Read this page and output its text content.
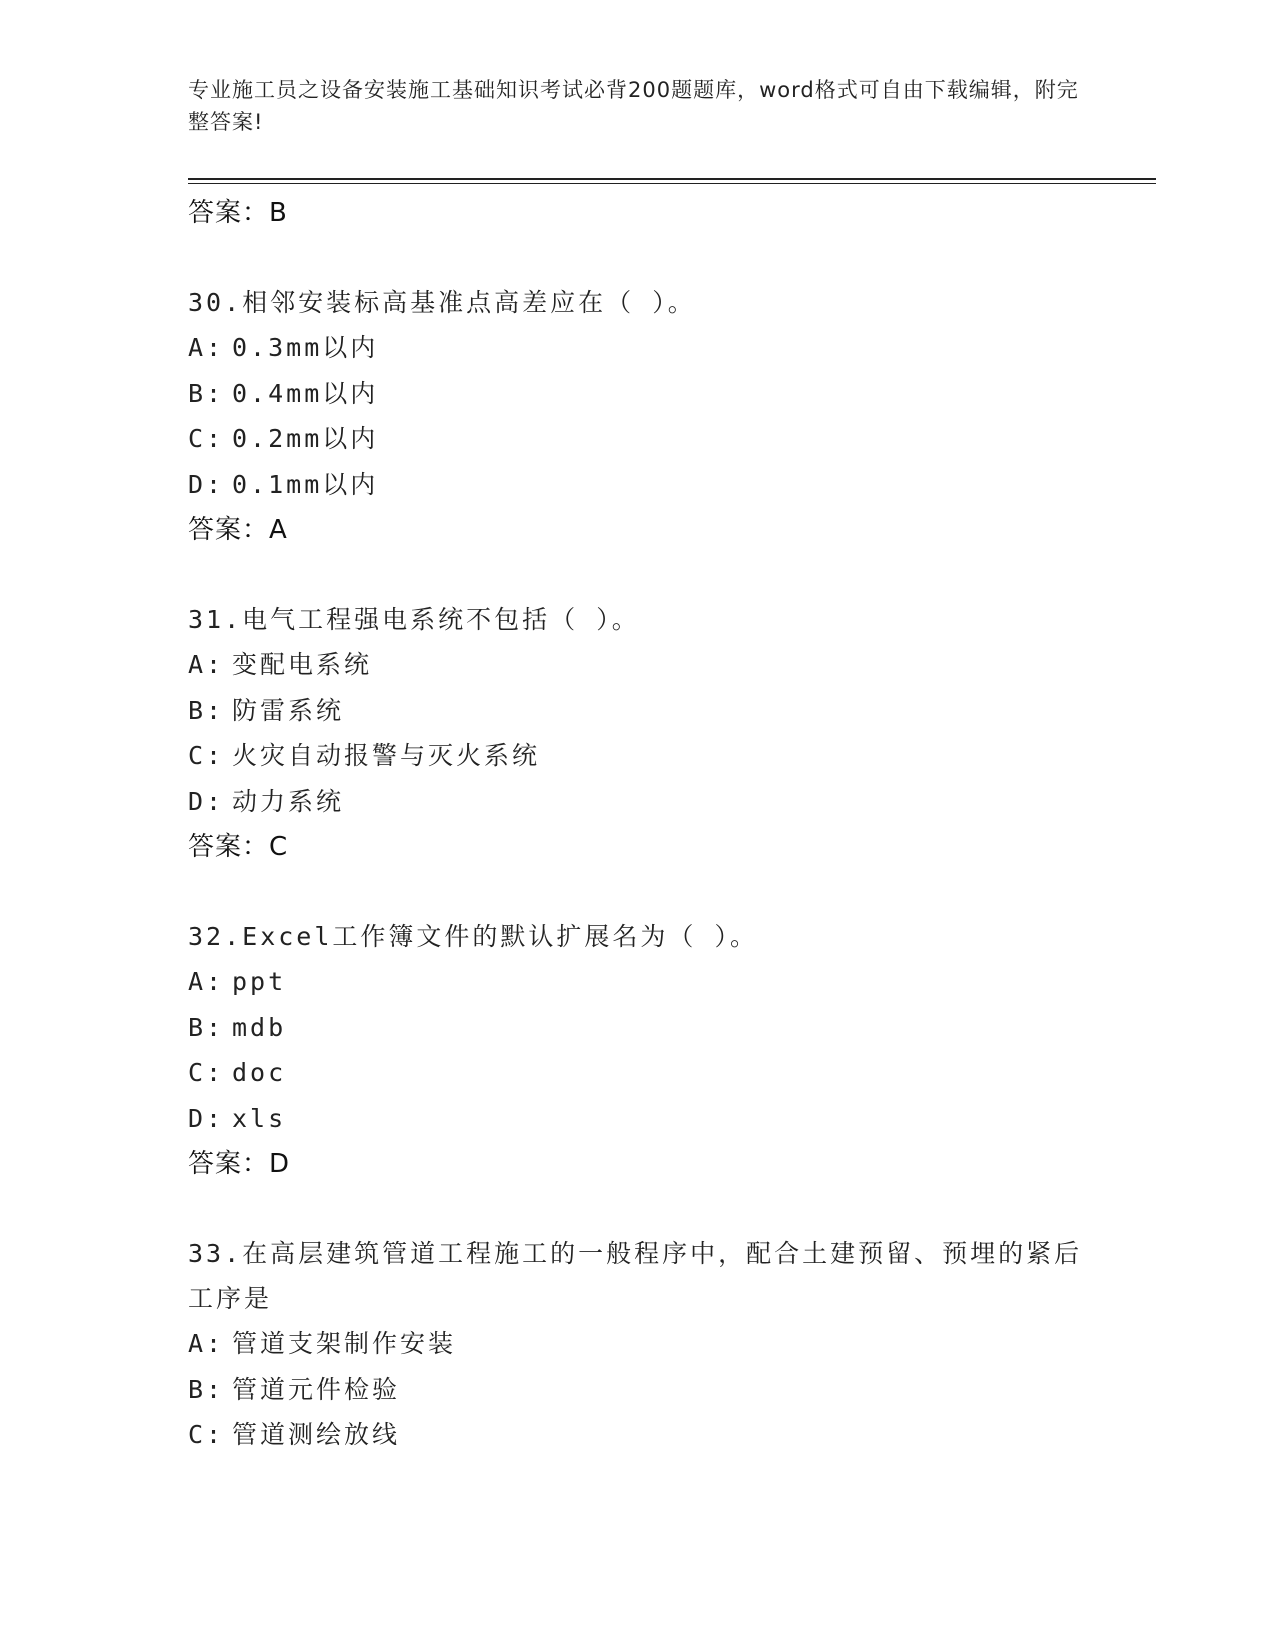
专业施工员之设备安装施工基础知识考试必背200题题库，word格式可自由下载编辑，附完整答案!
答案：B
30.相邻安装标高基准点高差应在（ ）。
A: 0.3mm以内
B: 0.4mm以内
C: 0.2mm以内
D: 0.1mm以内
答案：A
31.电气工程强电系统不包括（ ）。
A: 变配电系统
B: 防雷系统
C: 火灾自动报警与灭火系统
D: 动力系统
答案：C
32.Excel工作簿文件的默认扩展名为（ ）。
A: ppt
B: mdb
C: doc
D: xls
答案：D
33.在高层建筑管道工程施工的一般程序中，配合土建预留、预埋的紧后工序是
A: 管道支架制作安装
B: 管道元件检验
C: 管道测绘放线
